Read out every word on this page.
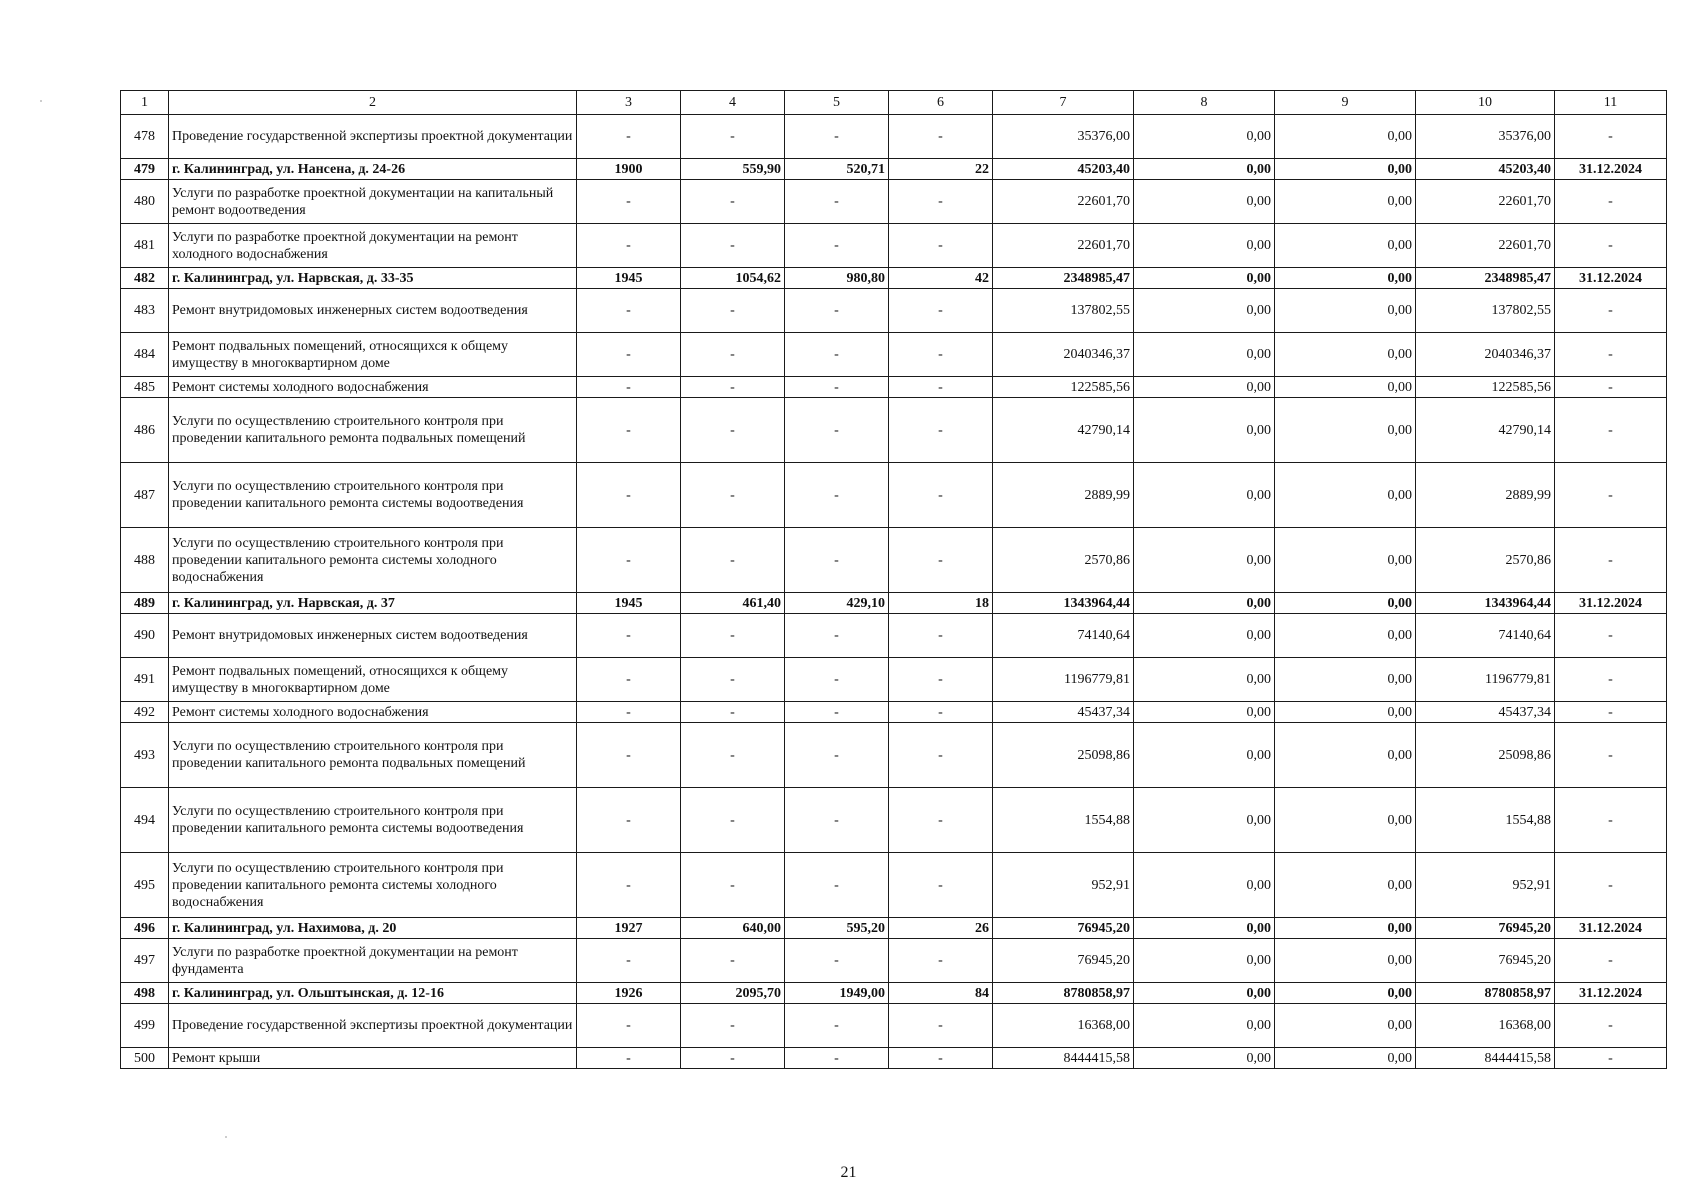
1	2	3	4	5	6	7	8	9	10	11
478	Проведение государственной экспертизы проектной документации	-	-	-	-	35376,00	0,00	0,00	35376,00	-
479	г. Калининград, ул. Нансена, д. 24-26	1900	559,90	520,71	22	45203,40	0,00	0,00	45203,40	31.12.2024
480	Услуги по разработке проектной документации на капитальный ремонт водоотведения	-	-	-	-	22601,70	0,00	0,00	22601,70	-
481	Услуги по разработке проектной документации на ремонт холодного водоснабжения	-	-	-	-	22601,70	0,00	0,00	22601,70	-
482	г. Калининград, ул. Нарвская, д. 33-35	1945	1054,62	980,80	42	2348985,47	0,00	0,00	2348985,47	31.12.2024
483	Ремонт внутридомовых инженерных систем водоотведения	-	-	-	-	137802,55	0,00	0,00	137802,55	-
484	Ремонт подвальных помещений, относящихся к общему имуществу в многоквартирном доме	-	-	-	-	2040346,37	0,00	0,00	2040346,37	-
485	Ремонт системы холодного водоснабжения	-	-	-	-	122585,56	0,00	0,00	122585,56	-
486	Услуги по осуществлению строительного контроля при проведении капитального ремонта подвальных помещений	-	-	-	-	42790,14	0,00	0,00	42790,14	-
487	Услуги по осуществлению строительного контроля при проведении капитального ремонта системы водоотведения	-	-	-	-	2889,99	0,00	0,00	2889,99	-
488	Услуги по осуществлению строительного контроля при проведении капитального ремонта системы холодного водоснабжения	-	-	-	-	2570,86	0,00	0,00	2570,86	-
489	г. Калининград, ул. Нарвская, д. 37	1945	461,40	429,10	18	1343964,44	0,00	0,00	1343964,44	31.12.2024
490	Ремонт внутридомовых инженерных систем водоотведения	-	-	-	-	74140,64	0,00	0,00	74140,64	-
491	Ремонт подвальных помещений, относящихся к общему имуществу в многоквартирном доме	-	-	-	-	1196779,81	0,00	0,00	1196779,81	-
492	Ремонт системы холодного водоснабжения	-	-	-	-	45437,34	0,00	0,00	45437,34	-
493	Услуги по осуществлению строительного контроля при проведении капитального ремонта подвальных помещений	-	-	-	-	25098,86	0,00	0,00	25098,86	-
494	Услуги по осуществлению строительного контроля при проведении капитального ремонта системы водоотведения	-	-	-	-	1554,88	0,00	0,00	1554,88	-
495	Услуги по осуществлению строительного контроля при проведении капитального ремонта системы холодного водоснабжения	-	-	-	-	952,91	0,00	0,00	952,91	-
496	г. Калининград, ул. Нахимова, д. 20	1927	640,00	595,20	26	76945,20	0,00	0,00	76945,20	31.12.2024
497	Услуги по разработке проектной документации на ремонт фундамента	-	-	-	-	76945,20	0,00	0,00	76945,20	-
498	г. Калининград, ул. Ольштынская, д. 12-16	1926	2095,70	1949,00	84	8780858,97	0,00	0,00	8780858,97	31.12.2024
499	Проведение государственной экспертизы проектной документации	-	-	-	-	16368,00	0,00	0,00	16368,00	-
500	Ремонт крыши	-	-	-	-	8444415,58	0,00	0,00	8444415,58	-
21
